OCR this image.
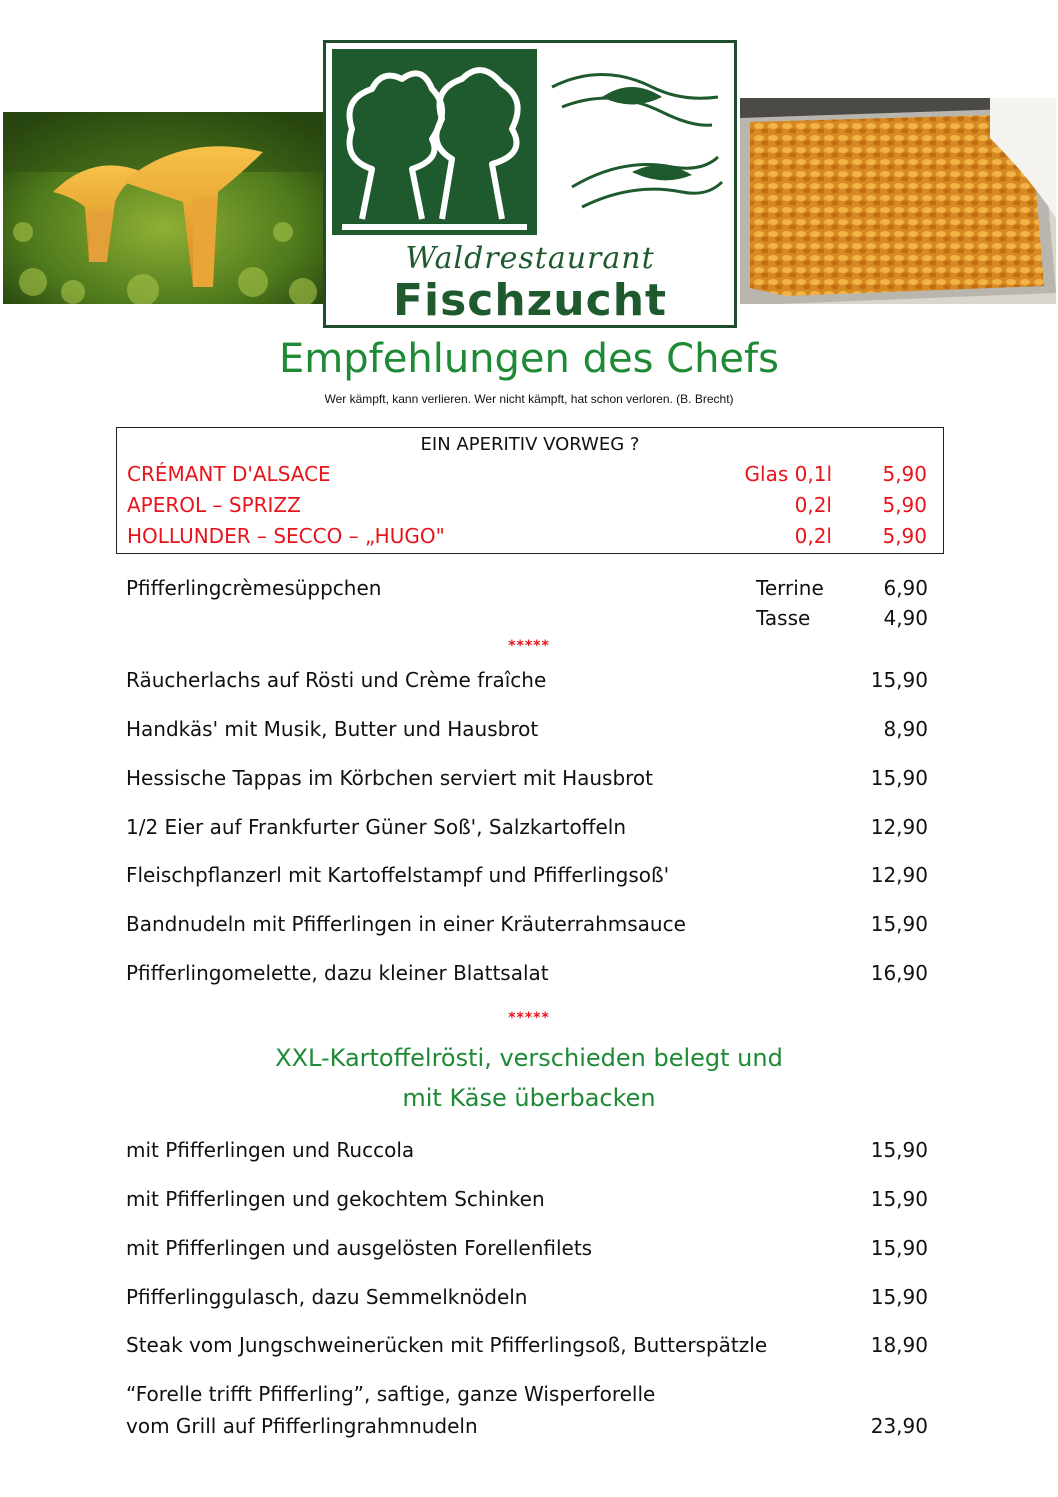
Waldrestaurant
Fischzucht
Empfehlungen des Chefs
Wer kämpft, kann verlieren. Wer nicht kämpft, hat schon verloren. (B. Brecht)
EIN APERITIV VORWEG ?
CRÉMANT D'ALSACE	Glas 0,1l	5,90
APEROL – SPRIZZ	0,2l	5,90
HOLLUNDER – SECCO – „HUGO"	0,2l	5,90
Pfifferlingcrèmesüppchen	Terrine	6,90
Tasse	4,90
*****
Räucherlachs auf Rösti und Crème fraîche	15,90
Handkäs' mit Musik, Butter und Hausbrot	8,90
Hessische Tappas im Körbchen serviert mit Hausbrot	15,90
1/2 Eier auf Frankfurter Güner Soß', Salzkartoffeln	12,90
Fleischpflanzerl mit Kartoffelstampf und Pfifferlingsoß'	12,90
Bandnudeln mit Pfifferlingen in einer Kräuterrahmsauce	15,90
Pfifferlingomelette, dazu kleiner Blattsalat	16,90
*****
XXL-Kartoffelrösti, verschieden belegt und
mit Käse überbacken
mit Pfifferlingen und Ruccola	15,90
mit Pfifferlingen und gekochtem Schinken	15,90
mit Pfifferlingen und ausgelösten Forellenfilets	15,90
Pfifferlinggulasch, dazu Semmelknödeln	15,90
Steak vom Jungschweinerücken mit Pfifferlingsoß, Butterspätzle	18,90
“Forelle trifft Pfifferling”, saftige, ganze Wisperforelle
vom Grill auf Pfifferlingrahmnudeln	23,90
